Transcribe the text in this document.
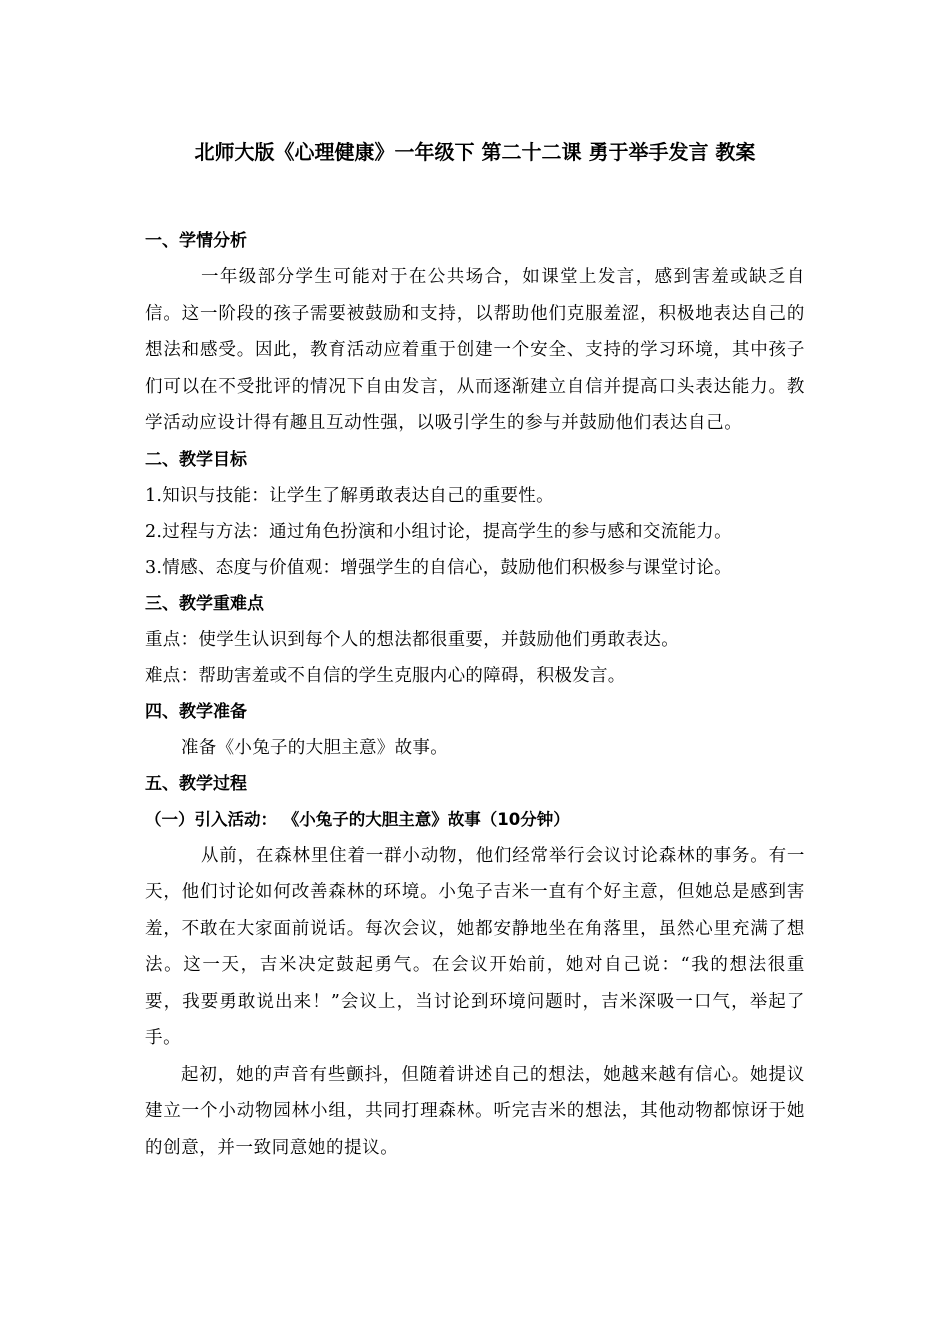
北师大版《心理健康》一年级下 第二十二课 勇于举手发言 教案
一、学情分析

一年级部分学生可能对于在公共场合，如课堂上发言，感到害羞或缺乏自信。这一阶段的孩子需要被鼓励和支持，以帮助他们克服羞涩，积极地表达自己的想法和感受。因此，教育活动应着重于创建一个安全、支持的学习环境，其中孩子们可以在不受批评的情况下自由发言，从而逐渐建立自信并提高口头表达能力。教学活动应设计得有趣且互动性强，以吸引学生的参与并鼓励他们表达自己。

二、教学目标
1.知识与技能：让学生了解勇敢表达自己的重要性。
2.过程与方法：通过角色扮演和小组讨论，提高学生的参与感和交流能力。
3.情感、态度与价值观：增强学生的自信心，鼓励他们积极参与课堂讨论。
三、教学重难点
重点：使学生认识到每个人的想法都很重要，并鼓励他们勇敢表达。
难点：帮助害羞或不自信的学生克服内心的障碍，积极发言。
四、教学准备
准备《小兔子的大胆主意》故事。
五、教学过程
（一）引入活动： 《小兔子的大胆主意》故事（10分钟）

从前，在森林里住着一群小动物，他们经常举行会议讨论森林的事务。有一天，他们讨论如何改善森林的环境。小兔子吉米一直有个好主意，但她总是感到害羞，不敢在大家面前说话。每次会议，她都安静地坐在角落里，虽然心里充满了想法。这一天，吉米决定鼓起勇气。在会议开始前，她对自己说：“我的想法很重要，我要勇敢说出来！”会议上，当讨论到环境问题时，吉米深吸一口气，举起了手。

起初，她的声音有些颤抖，但随着讲述自己的想法，她越来越有信心。她提议建立一个小动物园林小组，共同打理森林。听完吉米的想法，其他动物都惊讶于她的创意，并一致同意她的提议。
